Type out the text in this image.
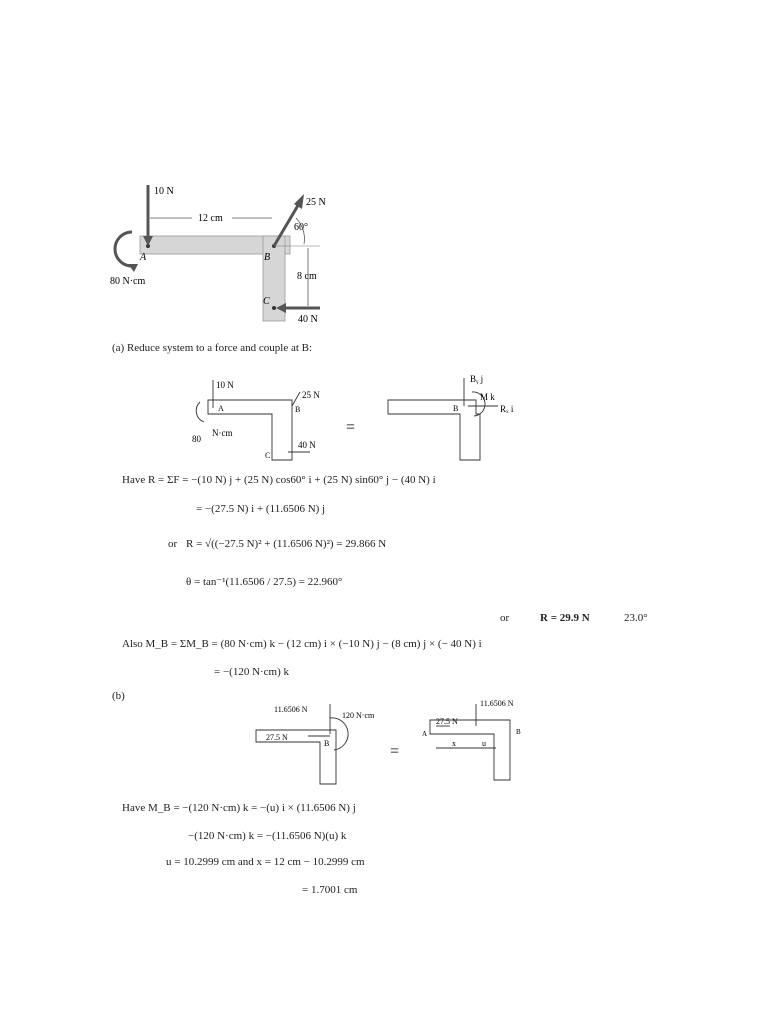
10 N
12 cm
25 N
60°
80 N·cm
A	B
C
8 cm
40 N
(a) Reduce system to a force and couple at B:
10 N
25 N
A	B
C
80
N·cm
40 N
=
Bᵧ j
M k
Rₓ i
B
Have R = ΣF = −(10 N) j + (25 N) cos60° i + (25 N) sin60° j − (40 N) i
= −(27.5 N) i + (11.6506 N) j
or R = √((−27.5 N)² + (11.6506 N)²) = 29.866 N
θ = tan⁻¹(11.6506 / 27.5) = 22.960°
or	R = 29.9 N	23.0°
Also M_B = ΣM_B = (80 N·cm) k − (12 cm) i × (−10 N) j − (8 cm) j × (− 40 N) i
= −(120 N·cm) k
(b)
11.6506 N
120 N·cm
27.5 N
B	=
11.6506 N
27.5 N
A	B
x	u
Have M_B = −(120 N·cm) k = −(u) i × (11.6506 N) j
−(120 N·cm) k = −(11.6506 N)(u) k
u = 10.2999 cm and x = 12 cm − 10.2999 cm
= 1.7001 cm
